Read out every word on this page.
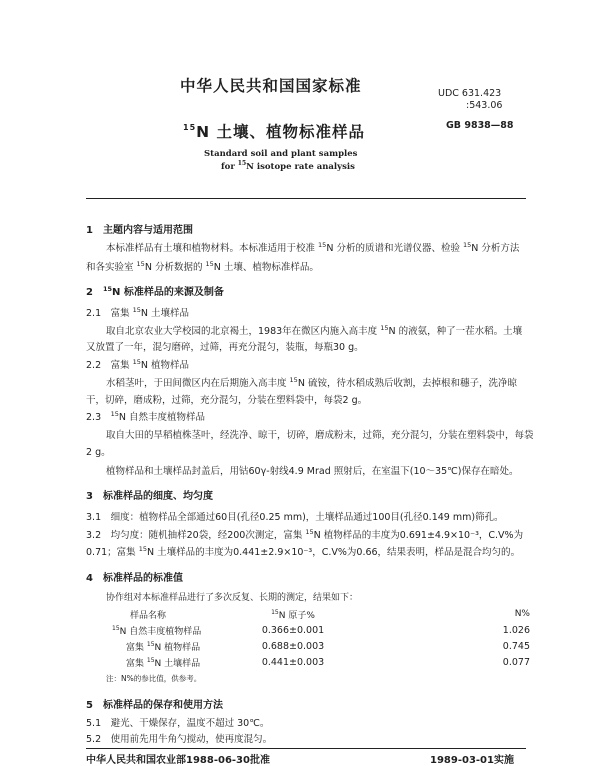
中华人民共和国国家标准	UDC 631.423
:543.06
$^{15}$N 土壤、植物标准样品	GB 9838—88
Standard soil and plant samples
for $^{15}$N isotope rate analysis
1　主题内容与适用范围
本标准样品有土壤和植物材料。本标准适用于校准 $^{15}$N 分析的质谱和光谱仪器、检验 $^{15}$N 分析方法
和各实验室 $^{15}$N 分析数据的 $^{15}$N 土壤、植物标准样品。
2　$^{15}$N 标准样品的来源及制备
2.1　富集 $^{15}$N 土壤样品
取自北京农业大学校园的北京褐土，1983年在微区内施入高丰度 $^{15}$N 的液氨，种了一茬水稻。土壤
又放置了一年，混匀磨碎，过筛，再充分混匀，装瓶，每瓶30 g。
2.2　富集 $^{15}$N 植物样品
水稻茎叶，于田间微区内在后期施入高丰度 $^{15}$N 硫铵，待水稻成熟后收割，去掉根和穗子，洗净晾
干，切碎，磨成粉，过筛，充分混匀，分装在塑料袋中，每袋2 g。
2.3　$^{15}$N 自然丰度植物样品
取自大田的旱稻植株茎叶，经洗净、晾干，切碎，磨成粉末，过筛，充分混匀，分装在塑料袋中，每袋
2 g。
植物样品和土壤样品封盖后，用钴60γ-射线4.9 Mrad 照射后，在室温下(10～35℃)保存在暗处。
3　标准样品的细度、均匀度
3.1　细度：植物样品全部通过60目(孔径0.25 mm)，土壤样品通过100目(孔径0.149 mm)筛孔。
3.2　均匀度：随机抽样20袋，经200次测定，富集 $^{15}$N 植物样品的丰度为0.691±4.9×10⁻³，C.V%为
0.71；富集 $^{15}$N 土壤样品的丰度为0.441±2.9×10⁻³，C.V%为0.66，结果表明，样品是混合均匀的。
4　标准样品的标准值
协作组对本标准样品进行了多次反复、长期的测定，结果如下：
样品名称	$^{15}$N 原子%	N%
$^{15}$N 自然丰度植物样品	0.366±0.001	1.026
富集 $^{15}$N 植物样品	0.688±0.003	0.745
富集 $^{15}$N 土壤样品	0.441±0.003	0.077
注：N%的参比值，供参考。
5　标准样品的保存和使用方法
5.1　避光、干燥保存，温度不超过 30℃。
5.2　使用前先用牛角勺搅动，使再度混匀。
中华人民共和国农业部1988-06-30批准	1989-03-01实施
